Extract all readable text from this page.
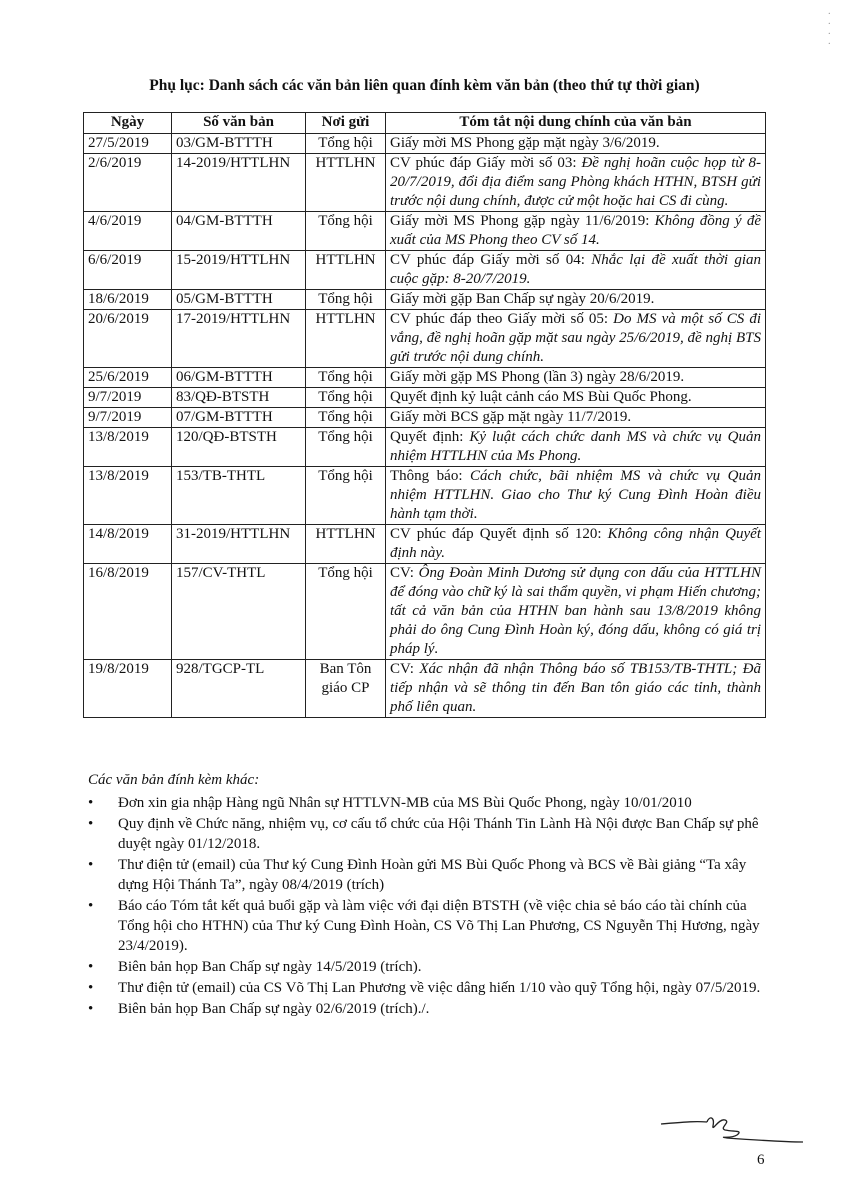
·
·
·
·
Phụ lục: Danh sách các văn bản liên quan đính kèm văn bản (theo thứ tự thời gian)
Ngày	Số văn bản	Nơi gửi	Tóm tắt nội dung chính của văn bản
27/5/2019	03/GM-BTTTH	Tổng hội	Giấy mời MS Phong gặp mặt ngày 3/6/2019.
2/6/2019	14-2019/HTTLHN	HTTLHN	CV phúc đáp Giấy mời số 03: Đề nghị hoãn cuộc họp từ 8-20/7/2019, đổi địa điểm sang Phòng khách HTHN, BTSH gửi trước nội dung chính, được cử một hoặc hai CS đi cùng.
4/6/2019	04/GM-BTTTH	Tổng hội	Giấy mời MS Phong gặp ngày 11/6/2019: Không đồng ý đề xuất của MS Phong theo CV số 14.
6/6/2019	15-2019/HTTLHN	HTTLHN	CV phúc đáp Giấy mời số 04: Nhắc lại đề xuất thời gian cuộc gặp: 8-20/7/2019.
18/6/2019	05/GM-BTTTH	Tổng hội	Giấy mời gặp Ban Chấp sự ngày 20/6/2019.
20/6/2019	17-2019/HTTLHN	HTTLHN	CV phúc đáp theo Giấy mời số 05: Do MS và một số CS đi vắng, đề nghị hoãn gặp mặt sau ngày 25/6/2019, đề nghị BTS gửi trước nội dung chính.
25/6/2019	06/GM-BTTTH	Tổng hội	Giấy mời gặp MS Phong (lần 3) ngày 28/6/2019.
9/7/2019	83/QĐ-BTSTH	Tổng hội	Quyết định kỷ luật cảnh cáo MS Bùi Quốc Phong.
9/7/2019	07/GM-BTTTH	Tổng hội	Giấy mời BCS gặp mặt ngày 11/7/2019.
13/8/2019	120/QĐ-BTSTH	Tổng hội	Quyết định: Kỷ luật cách chức danh MS và chức vụ Quản nhiệm HTTLHN của Ms Phong.
13/8/2019	153/TB-THTL	Tổng hội	Thông báo: Cách chức, bãi nhiệm MS và chức vụ Quản nhiệm HTTLHN. Giao cho Thư ký Cung Đình Hoàn điều hành tạm thời.
14/8/2019	31-2019/HTTLHN	HTTLHN	CV phúc đáp Quyết định số 120: Không công nhận Quyết định này.
16/8/2019	157/CV-THTL	Tổng hội	CV: Ông Đoàn Minh Dương sử dụng con dấu của HTTLHN để đóng vào chữ ký là sai thẩm quyền, vi phạm Hiến chương; tất cả văn bản của HTHN ban hành sau 13/8/2019 không phải do ông Cung Đình Hoàn ký, đóng dấu, không có giá trị pháp lý.
19/8/2019	928/TGCP-TL	Ban Tôn giáo CP	CV: Xác nhận đã nhận Thông báo số TB153/TB-THTL; Đã tiếp nhận và sẽ thông tin đến Ban tôn giáo các tỉnh, thành phố liên quan.
Các văn bản đính kèm khác:
• Đơn xin gia nhập Hàng ngũ Nhân sự HTTLVN-MB của MS Bùi Quốc Phong, ngày 10/01/2010
• Quy định về Chức năng, nhiệm vụ, cơ cấu tổ chức của Hội Thánh Tin Lành Hà Nội được Ban Chấp sự phê duyệt ngày 01/12/2018.
• Thư điện tử (email) của Thư ký Cung Đình Hoàn gửi MS Bùi Quốc Phong và BCS về Bài giảng “Ta xây dựng Hội Thánh Ta”, ngày 08/4/2019 (trích)
• Báo cáo Tóm tắt kết quả buổi gặp và làm việc với đại diện BTSTH (về việc chia sẻ báo cáo tài chính của Tổng hội cho HTHN) của Thư ký Cung Đình Hoàn, CS Võ Thị Lan Phương, CS Nguyễn Thị Hương, ngày 23/4/2019).
• Biên bản họp Ban Chấp sự ngày 14/5/2019 (trích).
• Thư điện tử (email) của CS Võ Thị Lan Phương về việc dâng hiến 1/10 vào quỹ Tổng hội, ngày 07/5/2019.
• Biên bản họp Ban Chấp sự ngày 02/6/2019 (trích)./.
6
